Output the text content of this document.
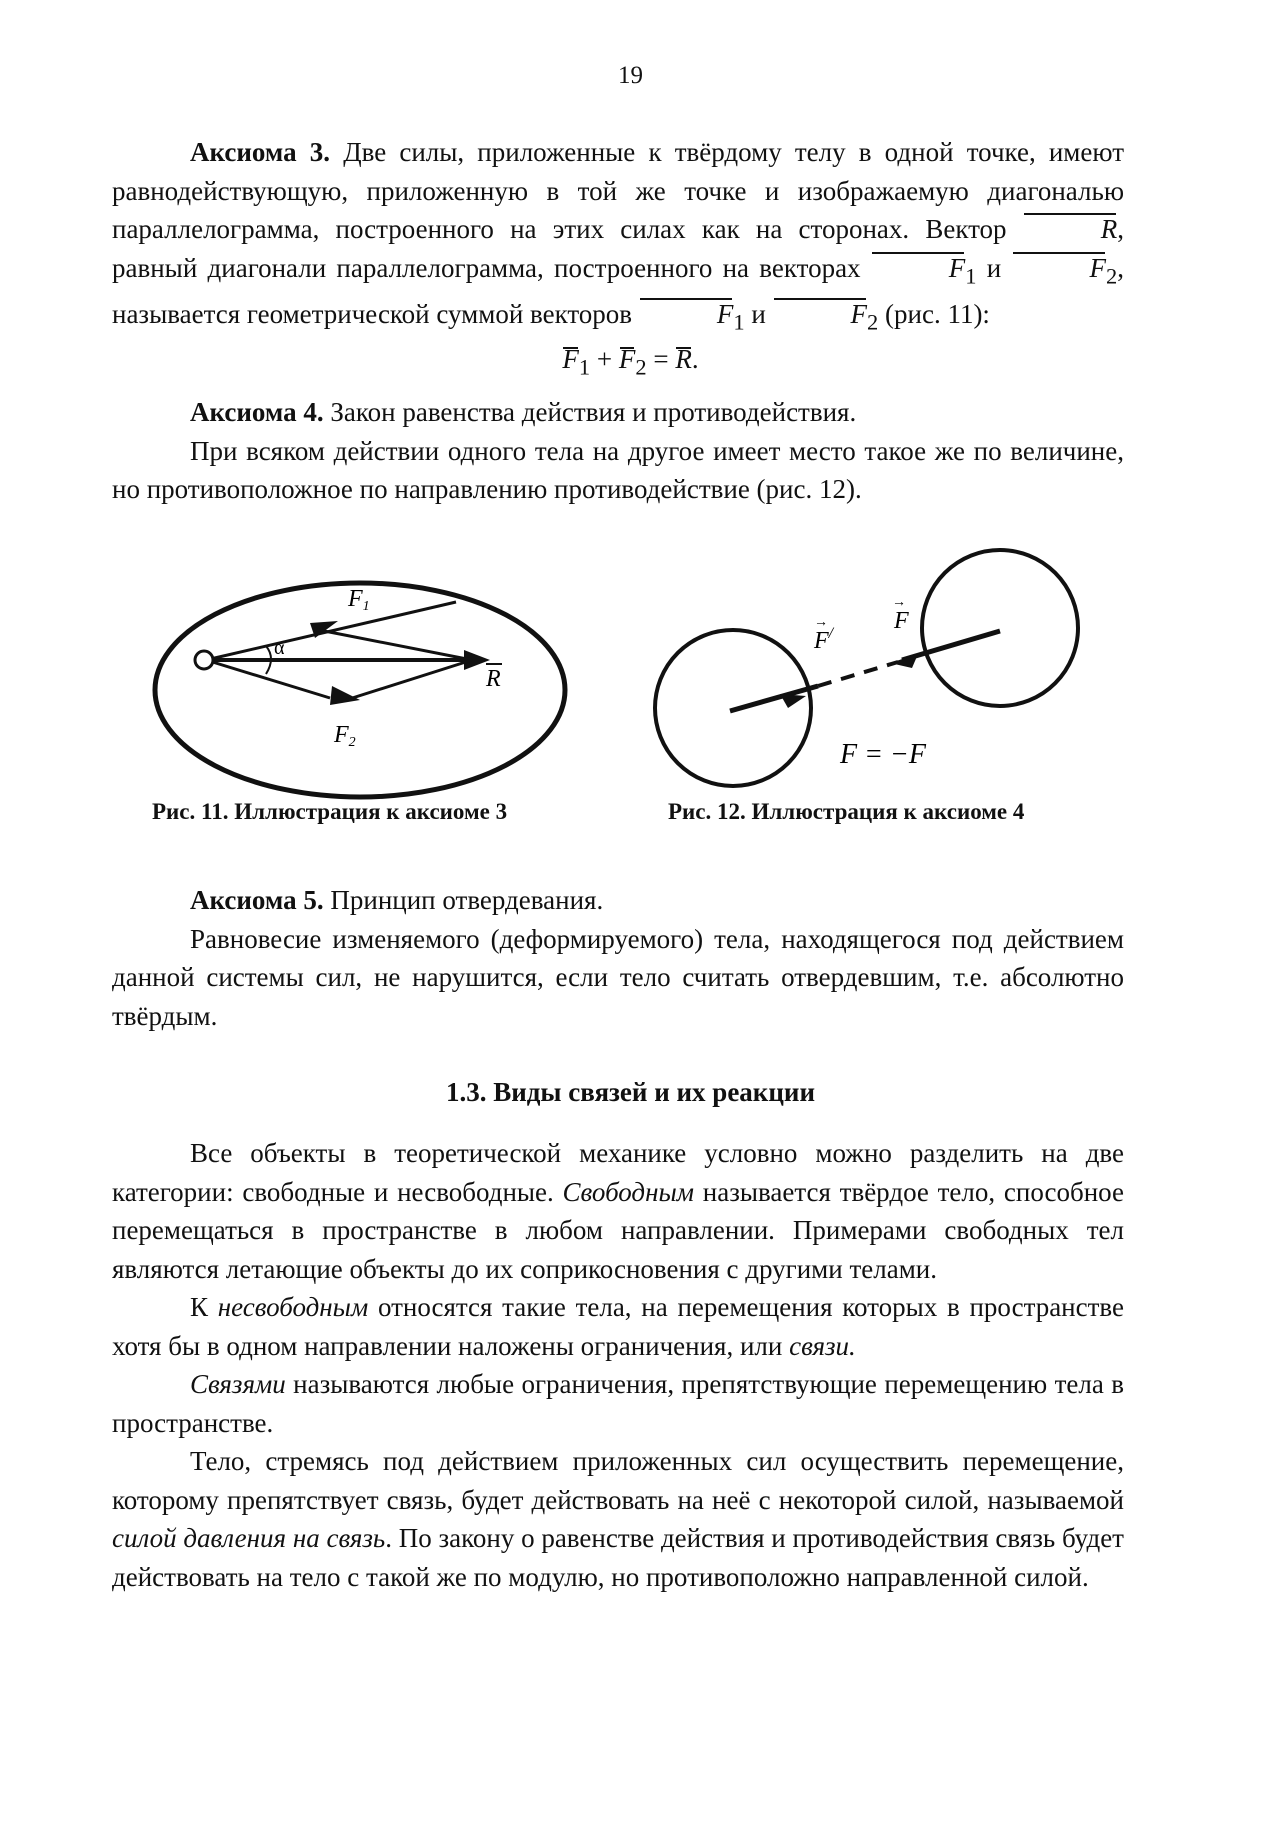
19

Аксиома 3. Две силы, приложенные к твёрдому телу в одной точке, имеют равнодействующую, приложенную в той же точке и изображаемую диагональю параллелограмма, построенного на этих силах как на сторонах. Вектор	R, равный диагонали параллелограмма, построенного на векторах	$F_1$ и	$F_2$, называется геометрической суммой векторов	$F_1$ и	$F_2$ (рис. 11):

$F_1 + F_2 = R$.

Аксиома 4. Закон равенства действия и противодействия.

При всяком действии одного тела на другое имеет место такое же по величине, но противоположное по направлению противодействие (рис. 12).

α
F1
F2
R
Рис. 11. Иллюстрация к аксиоме 3
F/
→	F
→
F = −F
Рис. 12. Иллюстрация к аксиоме 4

Аксиома 5. Принцип отвердевания.

Равновесие изменяемого (деформируемого) тела, находящегося под действием данной системы сил, не нарушится, если тело считать отвердевшим, т.е. абсолютно твёрдым.

1.3. Виды связей и их реакции

Все объекты в теоретической механике условно можно разделить на две категории: свободные и несвободные. Свободным называется твёрдое тело, способное перемещаться в пространстве в любом направлении. Примерами свободных тел являются летающие объекты до их соприкосновения с другими телами.

К несвободным относятся такие тела, на перемещения которых в пространстве хотя бы в одном направлении наложены ограничения, или связи.

Связями называются любые ограничения, препятствующие перемещению тела в пространстве.

Тело, стремясь под действием приложенных сил осуществить перемещение, которому препятствует связь, будет действовать на неё с некоторой силой, называемой силой давления на связь. По закону о равенстве действия и противодействия связь будет действовать на тело с такой же по модулю, но противоположно направленной силой.
